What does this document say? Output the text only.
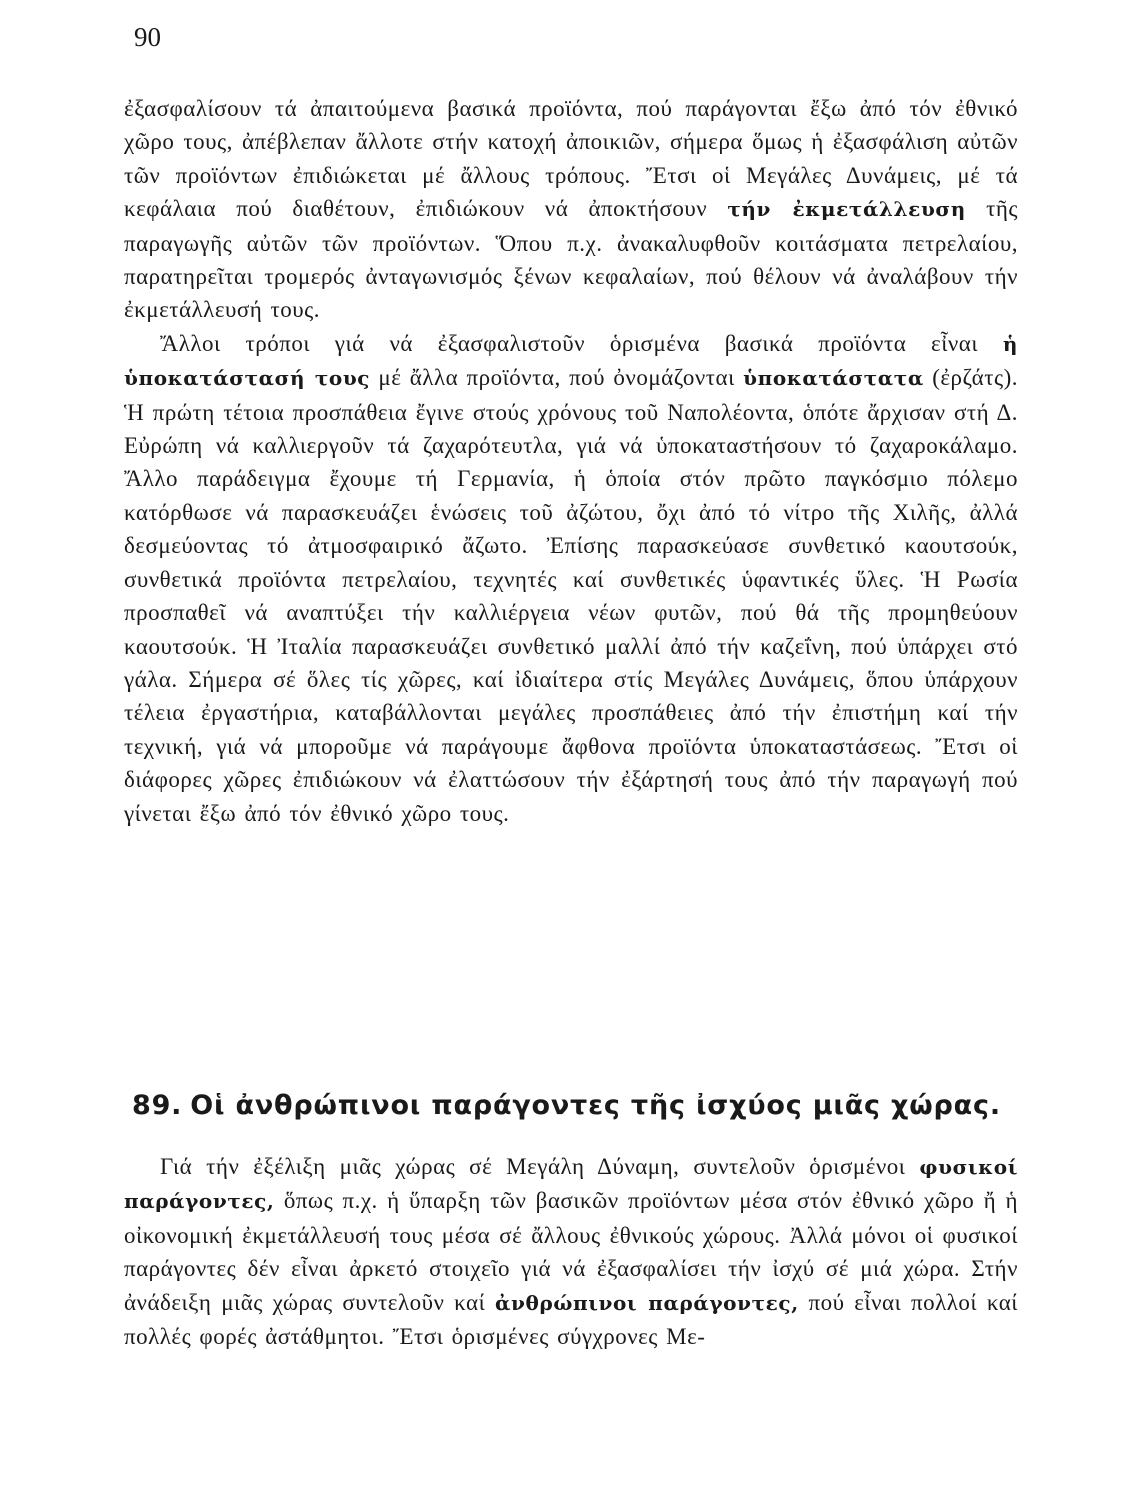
90

ἐξασφαλίσουν τά ἀπαιτούμενα βασικά προϊόντα, πού παράγονται ἔξω ἀπό τόν ἐθνικό χῶρο τους, ἀπέβλεπαν ἄλλοτε στήν κατοχή ἀποικιῶν, σήμερα ὅμως ἡ ἐξασφάλιση αὐτῶν τῶν προϊόντων ἐπιδιώκεται μέ ἄλλους τρόπους. Ἔτσι οἱ Μεγάλες Δυνάμεις, μέ τά κεφάλαια πού διαθέτουν, ἐπιδιώκουν νά ἀποκτήσουν τήν ἐκμετάλλευση τῆς παραγωγῆς αὐτῶν τῶν προϊόντων. Ὅπου π.χ. ἀνακαλυφθοῦν κοιτάσματα πετρελαίου, παρατηρεῖται τρομερός ἀνταγωνισμός ξένων κεφαλαίων, πού θέλουν νά ἀναλάβουν τήν ἐκμετάλλευσή τους.

Ἄλλοι τρόποι γιά νά ἐξασφαλιστοῦν ὁρισμένα βασικά προϊόντα εἶναι ἡ ὑποκατάστασή τους μέ ἄλλα προϊόντα, πού ὀνομάζονται ὑποκατάστατα (ἐρζάτς). Ἡ πρώτη τέτοια προσπάθεια ἔγινε στούς χρόνους τοῦ Ναπολέοντα, ὁπότε ἄρχισαν στή Δ. Εὐρώπη νά καλλιεργοῦν τά ζαχαρότευτλα, γιά νά ὑποκαταστήσουν τό ζαχαροκάλαμο. Ἄλλο παράδειγμα ἔχουμε τή Γερμανία, ἡ ὁποία στόν πρῶτο παγκόσμιο πόλεμο κατόρθωσε νά παρασκευάζει ἑνώσεις τοῦ ἀζώτου, ὄχι ἀπό τό νίτρο τῆς Χιλῆς, ἀλλά δεσμεύοντας τό ἀτμοσφαιρικό ἄζωτο. Ἐπίσης παρασκεύασε συνθετικό καουτσούκ, συνθετικά προϊόντα πετρελαίου, τεχνητές καί συνθετικές ὑφαντικές ὕλες. Ἡ Ρωσία προσπαθεῖ νά αναπτύξει τήν καλλιέργεια νέων φυτῶν, πού θά τῆς προμηθεύουν καουτσούκ. Ἡ Ἰταλία παρασκευάζει συνθετικό μαλλί ἀπό τήν καζεΐνη, πού ὑπάρχει στό γάλα. Σήμερα σέ ὅλες τίς χῶρες, καί ἰδιαίτερα στίς Μεγάλες Δυνάμεις, ὅπου ὑπάρχουν τέλεια ἐργαστήρια, καταβάλλονται μεγάλες προσπάθειες ἀπό τήν ἐπιστήμη καί τήν τεχνική, γιά νά μποροῦμε νά παράγουμε ἄφθονα προϊόντα ὑποκαταστάσεως. Ἔτσι οἱ διάφορες χῶρες ἐπιδιώκουν νά ἐλαττώσουν τήν ἐξάρτησή τους ἀπό τήν παραγωγή πού γίνεται ἔξω ἀπό τόν ἐθνικό χῶρο τους.

89. Οἱ ἀνθρώπινοι παράγοντες τῆς ἰσχύος μιᾶς χώρας.

Γιά τήν ἐξέλιξη μιᾶς χώρας σέ Μεγάλη Δύναμη, συντελοῦν ὁρισμένοι φυσικοί παράγοντες, ὅπως π.χ. ἡ ὕπαρξη τῶν βασικῶν προϊόντων μέσα στόν ἐθνικό χῶρο ἤ ἡ οἰκονομική ἐκμετάλλευσή τους μέσα σέ ἄλλους ἐθνικούς χώρους. Ἀλλά μόνοι οἱ φυσικοί παράγοντες δέν εἶναι ἀρκετό στοιχεῖο γιά νά ἐξασφαλίσει τήν ἰσχύ σέ μιά χώρα. Στήν ἀνάδειξη μιᾶς χώρας συντελοῦν καί ἀνθρώπινοι παράγοντες, πού εἶναι πολλοί καί πολλές φορές ἀστάθμητοι. Ἔτσι ὁρισμένες σύγχρονες Με-
